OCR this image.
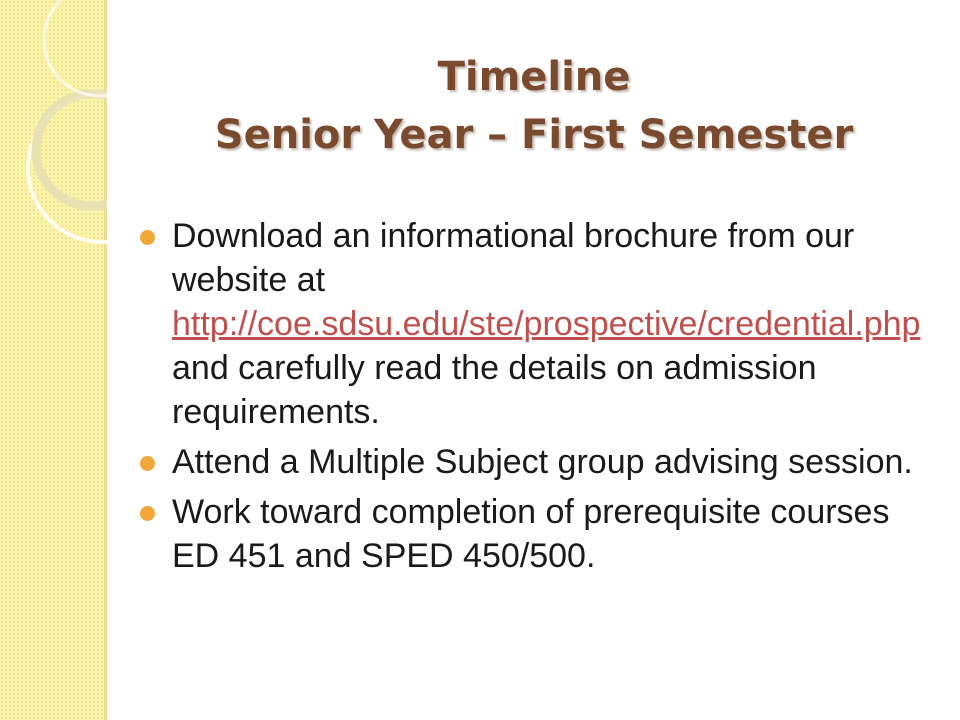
Timeline
Senior Year – First Semester
Download an informational brochure from our website at http://coe.sdsu.edu/ste/prospective/credential.php and carefully read the details on admission requirements.
Attend a Multiple Subject group advising session.
Work toward completion of prerequisite courses ED 451 and SPED 450/500.
